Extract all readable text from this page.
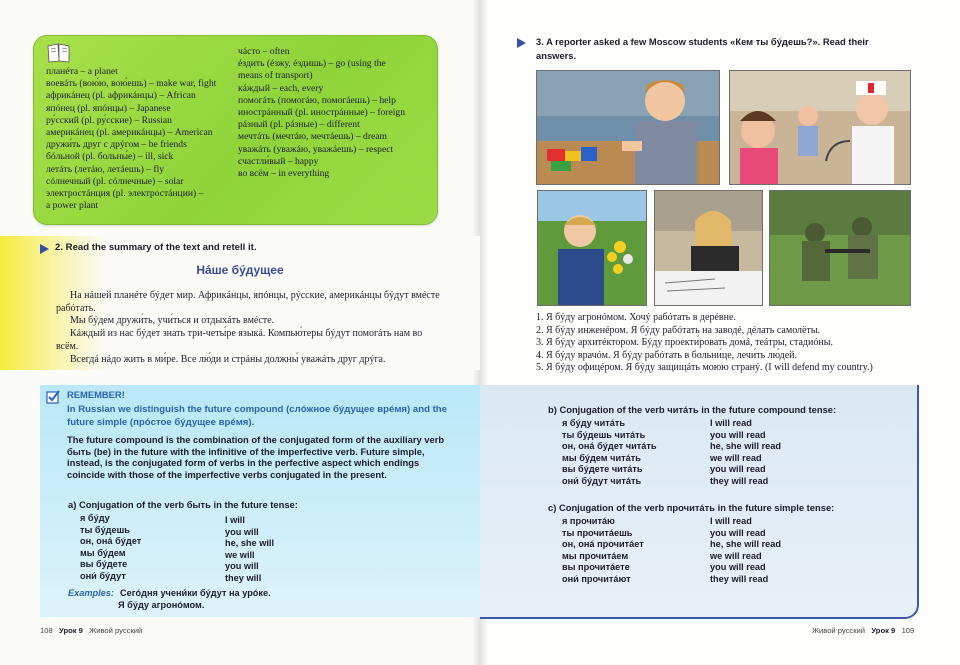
планéта – a planet
воевáть (вою́ю, вою́ешь) – make war, fight
африкáнец (pl. африкáнцы) – African
япóнец (pl. япóнцы) – Japanese
ру́сский (pl. ру́сские) – Russian
америкáнец (pl. америкáнцы) – American
дружи́ть друг с дрýгом – be friends
бóльной (pl. больны́е) – ill, sick
летáть (летáю, летáешь) – fly
сóлнечный (pl. сóлнечные) – solar
электростáнция (pl. электростáнции) –
a power plant
чáсто – often
éздить (éзжу, éздишь) – go (using the
means of transport)
кáждый – each, every
помогáть (помогáю, помогáешь) – help
инострáнный (pl. инострáнные) – foreign
рáзный (pl. рáзные) – different
мечтáть (мечтáю, мечтáешь) – dream
уважáть (уважáю, уважáешь) – respect
счастли́вый – happy
во всём – in everything
2. Read the summary of the text and retell it.
Нáше бýдущее

На нáшей планéте бýдет мир. Африкáнцы, япóнцы, рýсские, америкáнцы бýдут вмéсте рабóтать.

Мы бýдем дружи́ть, учи́ться и отдыхáть вмéсте.

Кáждый из нас бýдет знать три-четы́ре языкá. Компью́теры бýдут помогáть нам во всём.

Всегдá нáдо жить в ми́ре. Все лю́ди и стрáны должны́ уважáть друг дрýга.

REMEMBER!
In Russian we distinguish the future compound (слóжное бýдущее врéмя) and the future simple (прóстое бýдущее врéмя).
The future compound is the combination of the conjugated form of the auxiliary verb быть (be) in the future with the infinitive of the imperfective verb. Future simple, instead, is the conjugated form of verbs in the perfective aspect which endings coincide with those of the imperfective verbs conjugated in the present.
a) Conjugation of the verb быть in the future tense:
я бýду
ты бýдешь
он, онá бýдет
мы бýдем
вы бýдете
они́ бýдут
I will
you will
he, she will
we will
you will
they will
Examples: Сегóдня учени́ки бýдут на урóке.
Я бýду агронóмом.
b) Conjugation of the verb читáть in the future compound tense:
я бýду читáть
ты бýдешь читáть
он, онá бýдет читáть
мы бýдем читáть
вы бýдете читáть
они́ бýдут читáть
I will read
you will read
he, she will read
we will read
you will read
they will read
c) Conjugation of the verb прочитáть in the future simple tense:
я прочитáю
ты прочитáешь
он, онá прочитáет
мы прочитáем
вы прочитáете
они́ прочитáют
I will read
you will read
he, she will read
we will read
you will read
they will read
3. A reporter asked a few Moscow students «Кем ты бýдешь?». Read their answers.
1. Я бýду агронóмом. Хочý рабóтать в дерéвне.
2. Я бýду инженéром. Я бýду рабóтать на заводé, дéлать самолёты.
3. Я бýду архитéктором. Бýду проекти́ровать домá, теáтры, стадиóны.
4. Я бýду врачóм. Я бýду рабóтать в больни́це, лечи́ть лю́дей.
5. Я бýду офицéром. Я бýду защищáть моюю странý. (I will defend my country.)
108 Урок 9 Живой русский	Живой русский Урок 9 109
